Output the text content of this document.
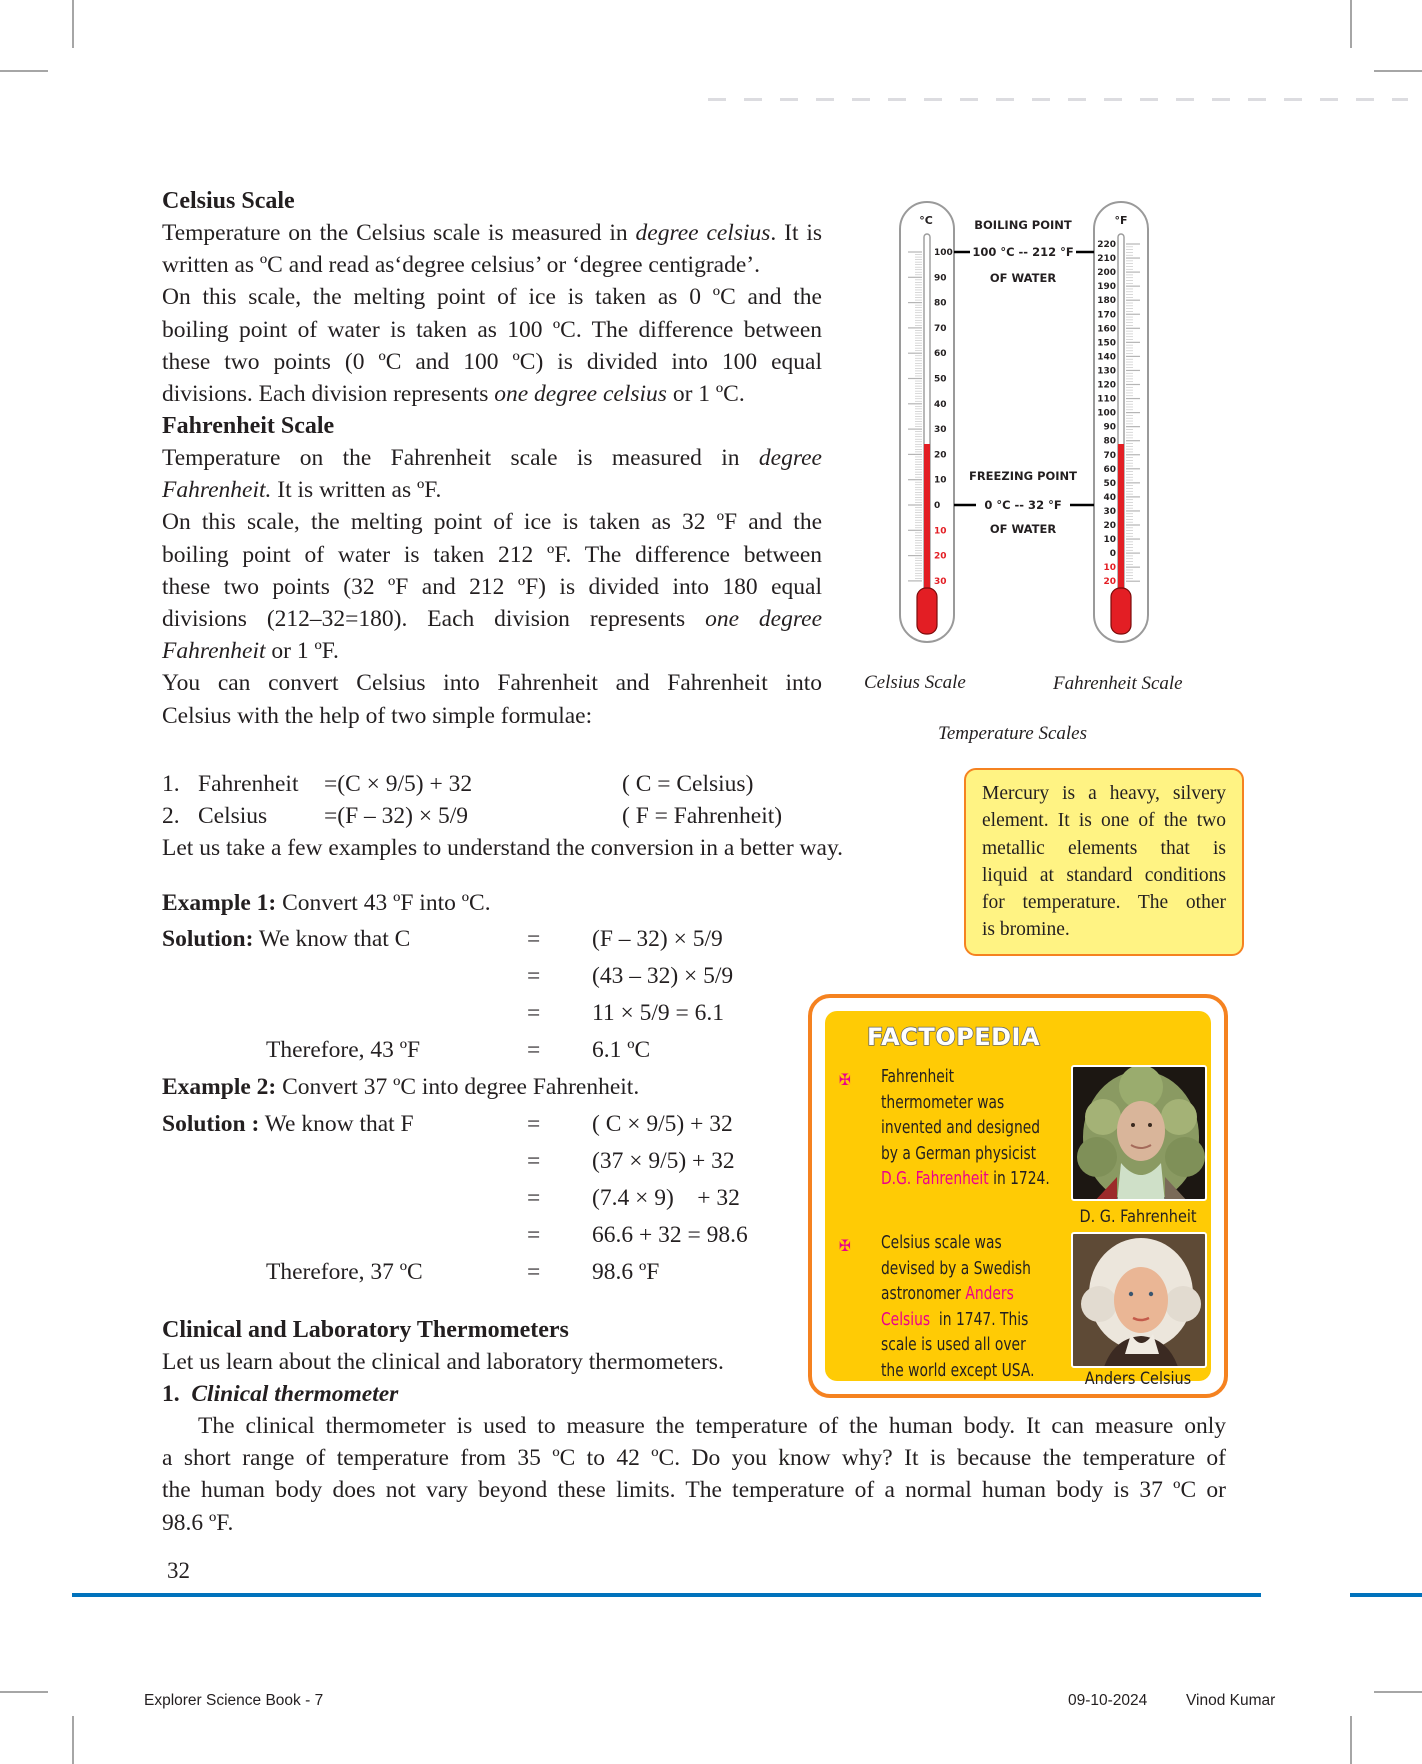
Celsius Scale
Temperature on the Celsius scale is measured in degree celsius. It is
written as ºC and read as‘degree celsius’ or ‘degree centigrade’.
On this scale, the melting point of ice is taken as 0 ºC and the
boiling point of water is taken as 100 ºC. The difference between
these two points (0 ºC and 100 ºC) is divided into 100 equal
divisions. Each division represents one degree celsius or 1 ºC.
Fahrenheit Scale
Temperature on the Fahrenheit scale is measured in degree
Fahrenheit. It is written as ºF.
On this scale, the melting point of ice is taken as 32 ºF and the
boiling point of water is taken 212 ºF. The difference between
these two points (32 ºF and 212 ºF) is divided into 180 equal
divisions (212–32=180). Each division represents one degree
Fahrenheit or 1 ºF.
You can convert Celsius into Fahrenheit and Fahrenheit into
Celsius with the help of two simple formulae:
°C
100
90
80
70
60
50
40
30
20
10
0
10
20
30
°F
220
210
200
190
180
170
160
150
140
130
120
110
100
90
80
70
60
50
40
30
20
10
0
10
20
BOILING POINT
100 °C -- 212 °F
OF WATER
FREEZING POINT
0 °C -- 32 °F
OF WATER
Celsius Scale	Fahrenheit Scale
Temperature Scales
Mercury is a heavy, silvery
element. It is one of the two
metallic elements that is
liquid at standard conditions
for temperature. The other
is bromine.
1. Fahrenheit =(C × 9/5) + 32	( C = Celsius)
2. Celsius =(F – 32) × 5/9	( F = Fahrenheit)
Let us take a few examples to understand the conversion in a better way.
Example 1: Convert 43 ºF into ºC.
Solution: We know that C	= (F – 32) × 5/9
= (43 – 32) × 5/9
= 11 × 5/9 = 6.1
Therefore, 43 ºF	= 6.1 ºC
Example 2: Convert 37 ºC into degree Fahrenheit.
Solution : We know that F	= ( C × 9/5) + 32
= (37 × 9/5) + 32
= (7.4 × 9)    + 32
= 66.6 + 32 = 98.6
Therefore, 37 ºC	= 98.6 ºF
FACTOPEDIA
✠ Fahrenheit
thermometer was
invented and designed
by a German physicist
D.G. Fahrenheit in 1724.
D. G. Fahrenheit
✠ Celsius scale was
devised by a Swedish
astronomer Anders
Celsius  in 1747. This
scale is used all over
the world except USA.	Anders Celsius
Clinical and Laboratory Thermometers
Let us learn about the clinical and laboratory thermometers.
1. Clinical thermometer
The clinical thermometer is used to measure the temperature of the human body. It can measure only
a short range of temperature from 35 ºC to 42 ºC. Do you know why? It is because the temperature of
the human body does not vary beyond these limits. The temperature of a normal human body is 37 ºC or
98.6 ºF.
32
Explorer Science Book - 7	09-10-2024 Vinod Kumar
